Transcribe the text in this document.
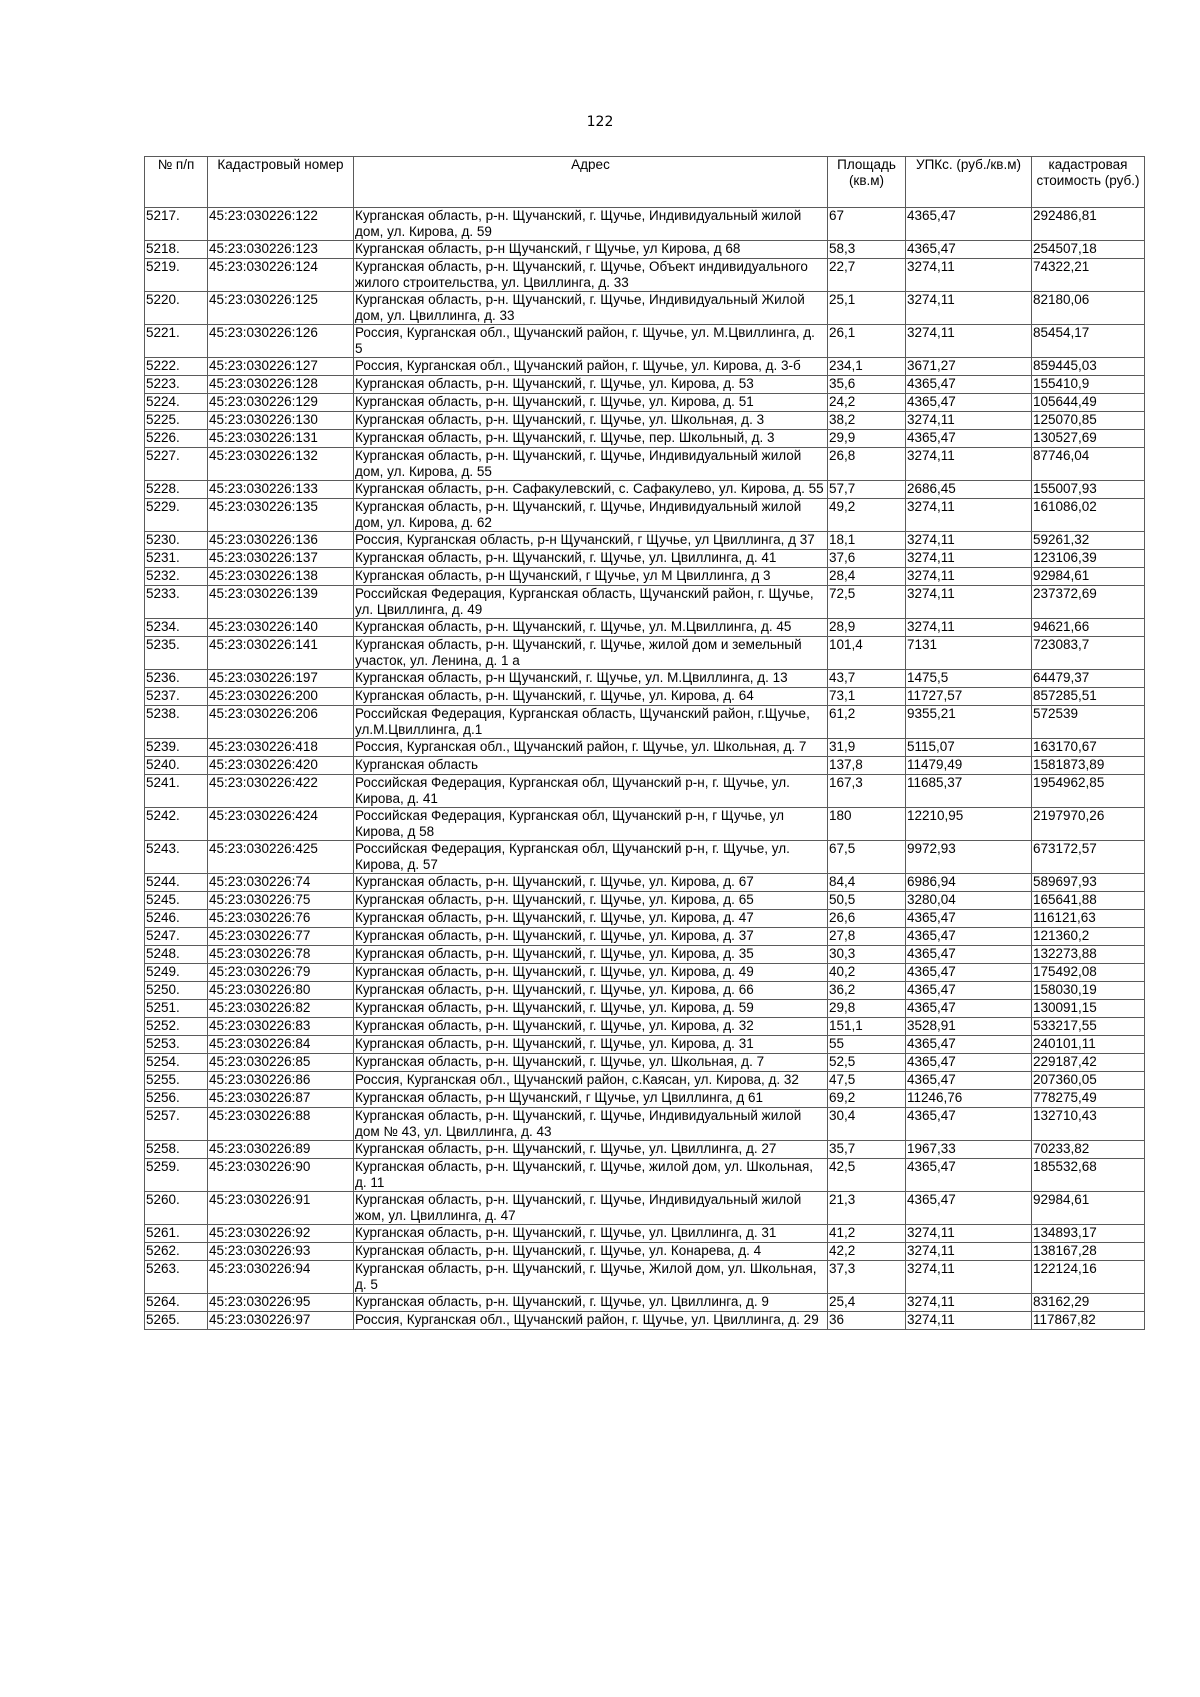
122
№ п/п	Кадастровый номер	Адрес	Площадь (кв.м)	УПКс. (руб./кв.м)	кадастровая стоимость (руб.)
5217.	45:23:030226:122	Курганская область, р-н. Щучанский, г. Щучье, Индивидуальный жилой дом, ул. Кирова, д. 59	67	4365,47	292486,81
5218.	45:23:030226:123	Курганская область, р-н Щучанский, г Щучье, ул Кирова, д 68	58,3	4365,47	254507,18
5219.	45:23:030226:124	Курганская область, р-н. Щучанский, г. Щучье, Объект индивидуального жилого строительства, ул. Цвиллинга, д. 33	22,7	3274,11	74322,21
5220.	45:23:030226:125	Курганская область, р-н. Щучанский, г. Щучье, Индивидуальный Жилой дом, ул. Цвиллинга, д. 33	25,1	3274,11	82180,06
5221.	45:23:030226:126	Россия, Курганская обл., Щучанский район, г. Щучье, ул. М.Цвиллинга, д. 5	26,1	3274,11	85454,17
5222.	45:23:030226:127	Россия, Курганская обл., Щучанский район, г. Щучье, ул. Кирова, д. 3-б	234,1	3671,27	859445,03
5223.	45:23:030226:128	Курганская область, р-н. Щучанский, г. Щучье, ул. Кирова, д. 53	35,6	4365,47	155410,9
5224.	45:23:030226:129	Курганская область, р-н. Щучанский, г. Щучье, ул. Кирова, д. 51	24,2	4365,47	105644,49
5225.	45:23:030226:130	Курганская область, р-н. Щучанский, г. Щучье, ул. Школьная, д. 3	38,2	3274,11	125070,85
5226.	45:23:030226:131	Курганская область, р-н. Щучанский, г. Щучье, пер. Школьный, д. 3	29,9	4365,47	130527,69
5227.	45:23:030226:132	Курганская область, р-н. Щучанский, г. Щучье, Индивидуальный жилой дом, ул. Кирова, д. 55	26,8	3274,11	87746,04
5228.	45:23:030226:133	Курганская область, р-н. Сафакулевский, с. Сафакулево, ул. Кирова, д. 55	57,7	2686,45	155007,93
5229.	45:23:030226:135	Курганская область, р-н. Щучанский, г. Щучье, Индивидуальный жилой дом, ул. Кирова, д. 62	49,2	3274,11	161086,02
5230.	45:23:030226:136	Россия, Курганская область, р-н Щучанский, г Щучье, ул Цвиллинга, д 37	18,1	3274,11	59261,32
5231.	45:23:030226:137	Курганская область, р-н. Щучанский, г. Щучье, ул. Цвиллинга, д. 41	37,6	3274,11	123106,39
5232.	45:23:030226:138	Курганская область, р-н Щучанский, г Щучье, ул М Цвиллинга, д 3	28,4	3274,11	92984,61
5233.	45:23:030226:139	Российская Федерация, Курганская область, Щучанский район, г. Щучье, ул. Цвиллинга, д. 49	72,5	3274,11	237372,69
5234.	45:23:030226:140	Курганская область, р-н. Щучанский, г. Щучье, ул. М.Цвиллинга, д. 45	28,9	3274,11	94621,66
5235.	45:23:030226:141	Курганская область, р-н. Щучанский, г. Щучье, жилой дом и земельный участок, ул. Ленина, д. 1 а	101,4	7131	723083,7
5236.	45:23:030226:197	Курганская область, р-н Щучанский, г. Щучье, ул. М.Цвиллинга, д. 13	43,7	1475,5	64479,37
5237.	45:23:030226:200	Курганская область, р-н. Щучанский, г. Щучье, ул. Кирова, д. 64	73,1	11727,57	857285,51
5238.	45:23:030226:206	Российская Федерация, Курганская область, Щучанский район, г.Щучье, ул.М.Цвиллинга, д.1	61,2	9355,21	572539
5239.	45:23:030226:418	Россия, Курганская обл., Щучанский район, г. Щучье, ул. Школьная, д. 7	31,9	5115,07	163170,67
5240.	45:23:030226:420	Курганская область	137,8	11479,49	1581873,89
5241.	45:23:030226:422	Российская Федерация, Курганская обл, Щучанский р-н, г. Щучье, ул. Кирова, д. 41	167,3	11685,37	1954962,85
5242.	45:23:030226:424	Российская Федерация, Курганская обл, Щучанский р-н, г Щучье, ул Кирова, д 58	180	12210,95	2197970,26
5243.	45:23:030226:425	Российская Федерация, Курганская обл, Щучанский р-н, г. Щучье, ул. Кирова, д. 57	67,5	9972,93	673172,57
5244.	45:23:030226:74	Курганская область, р-н. Щучанский, г. Щучье, ул. Кирова, д. 67	84,4	6986,94	589697,93
5245.	45:23:030226:75	Курганская область, р-н. Щучанский, г. Щучье, ул. Кирова, д. 65	50,5	3280,04	165641,88
5246.	45:23:030226:76	Курганская область, р-н. Щучанский, г. Щучье, ул. Кирова, д. 47	26,6	4365,47	116121,63
5247.	45:23:030226:77	Курганская область, р-н. Щучанский, г. Щучье, ул. Кирова, д. 37	27,8	4365,47	121360,2
5248.	45:23:030226:78	Курганская область, р-н. Щучанский, г. Щучье, ул. Кирова, д. 35	30,3	4365,47	132273,88
5249.	45:23:030226:79	Курганская область, р-н. Щучанский, г. Щучье, ул. Кирова, д. 49	40,2	4365,47	175492,08
5250.	45:23:030226:80	Курганская область, р-н. Щучанский, г. Щучье, ул. Кирова, д. 66	36,2	4365,47	158030,19
5251.	45:23:030226:82	Курганская область, р-н. Щучанский, г. Щучье, ул. Кирова, д. 59	29,8	4365,47	130091,15
5252.	45:23:030226:83	Курганская область, р-н. Щучанский, г. Щучье, ул. Кирова, д. 32	151,1	3528,91	533217,55
5253.	45:23:030226:84	Курганская область, р-н. Щучанский, г. Щучье, ул. Кирова, д. 31	55	4365,47	240101,11
5254.	45:23:030226:85	Курганская область, р-н. Щучанский, г. Щучье, ул. Школьная, д. 7	52,5	4365,47	229187,42
5255.	45:23:030226:86	Россия, Курганская обл., Щучанский район, с.Каясан, ул. Кирова, д. 32	47,5	4365,47	207360,05
5256.	45:23:030226:87	Курганская область, р-н Щучанский, г Щучье, ул Цвиллинга, д 61	69,2	11246,76	778275,49
5257.	45:23:030226:88	Курганская область, р-н. Щучанский, г. Щучье, Индивидуальный жилой дом № 43, ул. Цвиллинга, д. 43	30,4	4365,47	132710,43
5258.	45:23:030226:89	Курганская область, р-н. Щучанский, г. Щучье, ул. Цвиллинга, д. 27	35,7	1967,33	70233,82
5259.	45:23:030226:90	Курганская область, р-н. Щучанский, г. Щучье, жилой дом, ул. Школьная, д. 11	42,5	4365,47	185532,68
5260.	45:23:030226:91	Курганская область, р-н. Щучанский, г. Щучье, Индивидуальный жилой жом, ул. Цвиллинга, д. 47	21,3	4365,47	92984,61
5261.	45:23:030226:92	Курганская область, р-н. Щучанский, г. Щучье, ул. Цвиллинга, д. 31	41,2	3274,11	134893,17
5262.	45:23:030226:93	Курганская область, р-н. Щучанский, г. Щучье, ул. Конарева, д. 4	42,2	3274,11	138167,28
5263.	45:23:030226:94	Курганская область, р-н. Щучанский, г. Щучье, Жилой дом, ул. Школьная, д. 5	37,3	3274,11	122124,16
5264.	45:23:030226:95	Курганская область, р-н. Щучанский, г. Щучье, ул. Цвиллинга, д. 9	25,4	3274,11	83162,29
5265.	45:23:030226:97	Россия, Курганская обл., Щучанский район, г. Щучье, ул. Цвиллинга, д. 29	36	3274,11	117867,82
